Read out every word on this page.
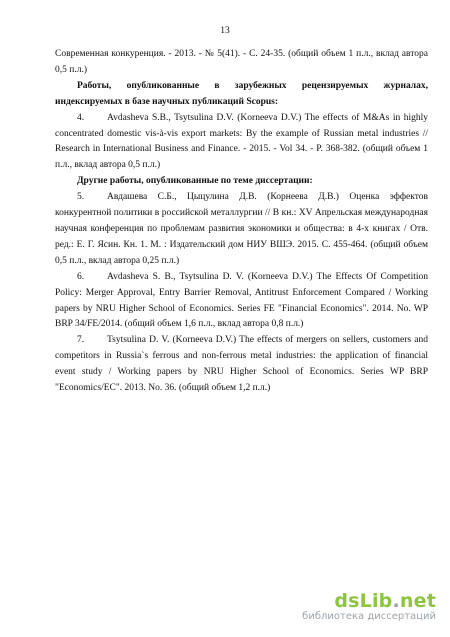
13

Современная конкуренция. - 2013. - № 5(41). - С. 24-35. (общий объем 1 п.л., вклад автора 0,5 п.л.)

Работы, опубликованные в зарубежных рецензируемых журналах, индексируемых в базе научных публикаций Scopus:

4. Avdasheva S.B., Tsytsulina D.V. (Korneeva D.V.) The effects of M&As in highly concentrated domestic vis-à-vis export markets: By the example of Russian metal industries // Research in International Business and Finance. - 2015. - Vol 34. - P. 368-382. (общий объем 1 п.л., вклад автора 0,5 п.л.)

Другие работы, опубликованные по теме диссертации:

5. Авдашева С.Б., Цыцулина Д.В. (Корнеева Д.В.) Оценка эффектов конкурентной политики в российской металлургии // В кн.: XV Апрельская международная научная конференция по проблемам развития экономики и общества: в 4-х книгах / Отв. ред.: Е. Г. Ясин. Кн. 1. М. : Издательский дом НИУ ВШЭ. 2015. С. 455-464. (общий объем 0,5 п.л., вклад автора 0,25 п.л.)

6. Avdasheva S. B., Tsytsulina D. V. (Korneeva D.V.) The Effects Of Competition Policy: Merger Approval, Entry Barrier Removal, Antitrust Enforcement Compared / Working papers by NRU Higher School of Economics. Series FE "Financial Economics". 2014. No. WP BRP 34/FE/2014. (общий объем 1,6 п.л., вклад автора 0,8 п.л.)

7. Tsytsulina D. V. (Korneeva D.V.) The effects of mergers on sellers, customers and competitors in Russia`s ferrous and non-ferrous metal industries: the application of financial event study / Working papers by NRU Higher School of Economics. Series WP BRP "Economics/EC". 2013. No. 36. (общий объем 1,2 п.л.)

dsLib.net
библиотека диссертаций
